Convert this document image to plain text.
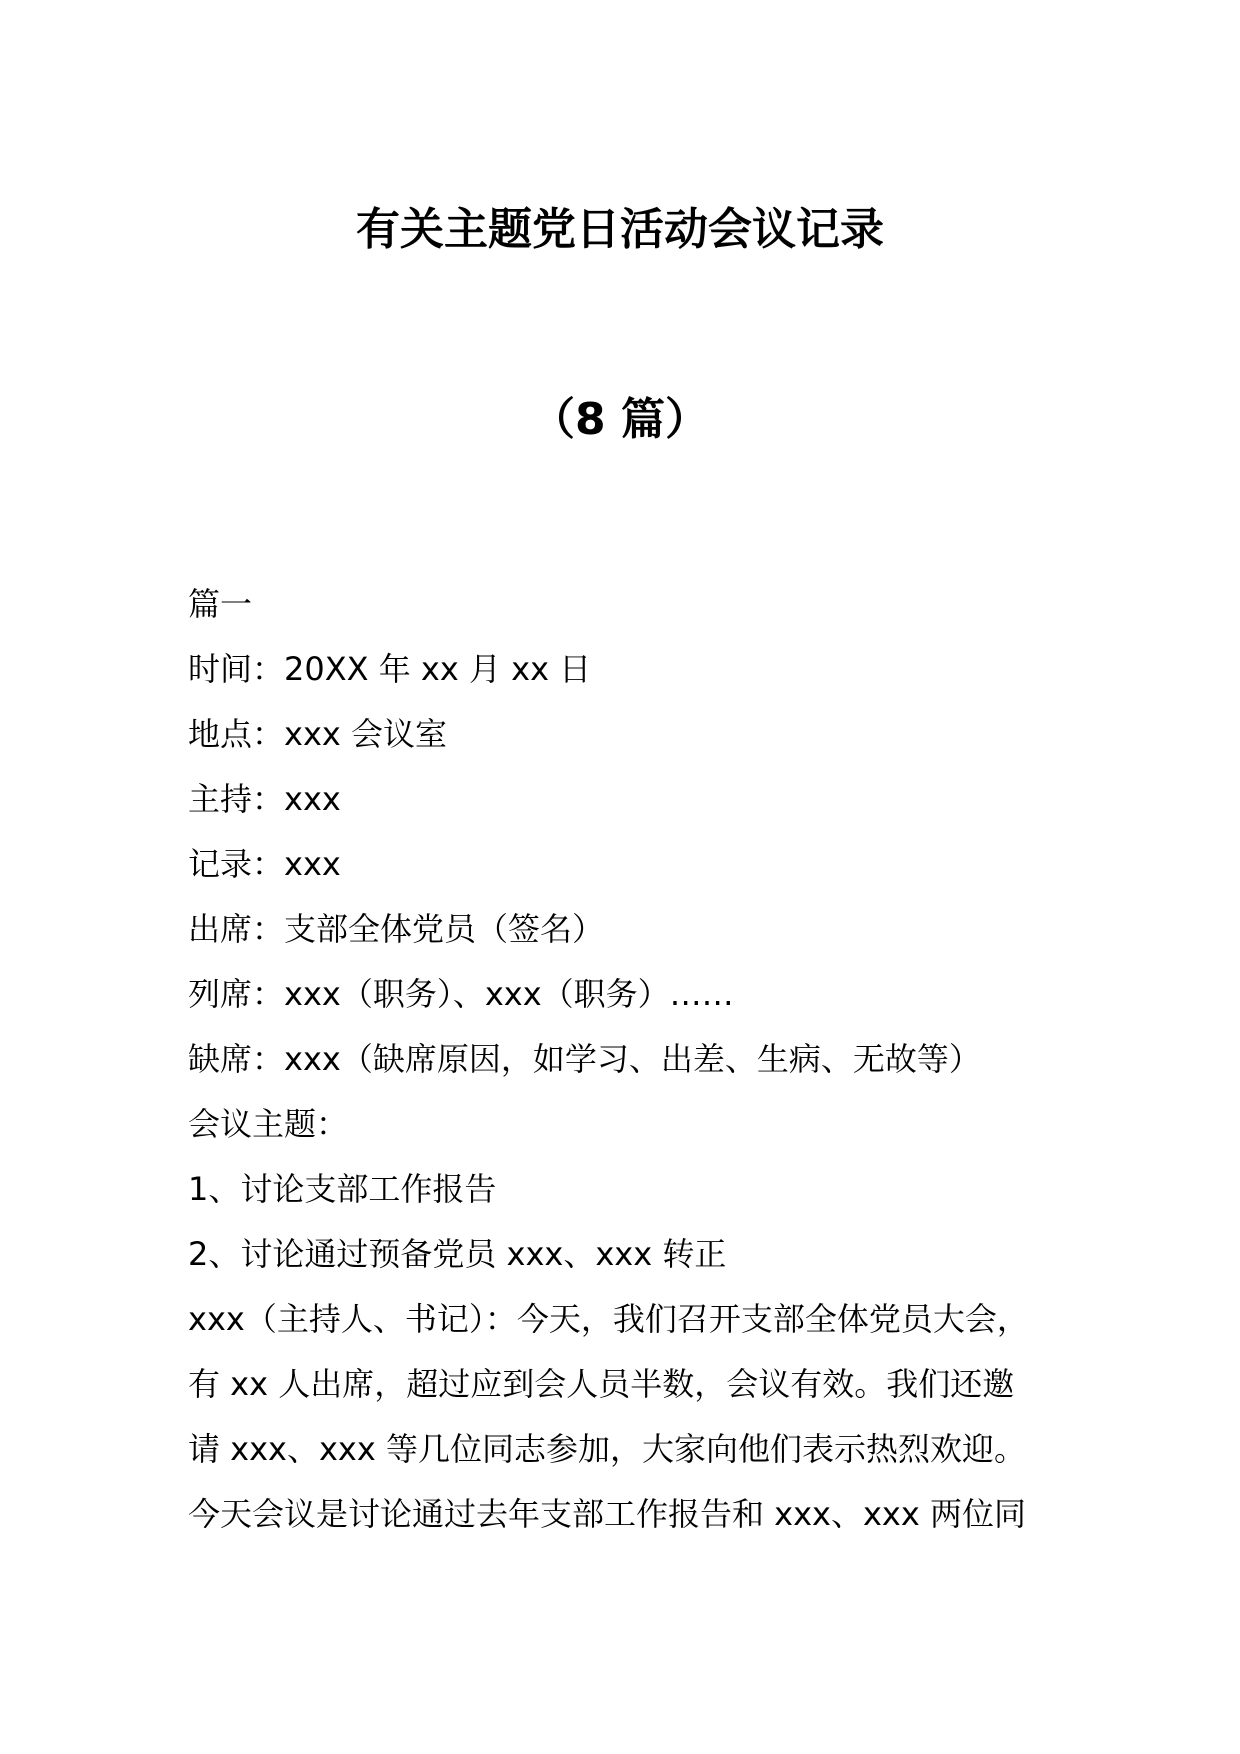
有关主题党日活动会议记录
（8 篇）
篇一
时间：20XX 年 xx 月 xx 日
地点：xxx 会议室
主持：xxx
记录：xxx
出席：支部全体党员（签名）
列席：xxx（职务）、xxx（职务）……
缺席：xxx（缺席原因，如学习、出差、生病、无故等）
会议主题：
1、讨论支部工作报告
2、讨论通过预备党员 xxx、xxx 转正
xxx（主持人、书记）：今天，我们召开支部全体党员大会，
有 xx 人出席，超过应到会人员半数，会议有效。我们还邀
请 xxx、xxx 等几位同志参加，大家向他们表示热烈欢迎。
今天会议是讨论通过去年支部工作报告和 xxx、xxx 两位同
